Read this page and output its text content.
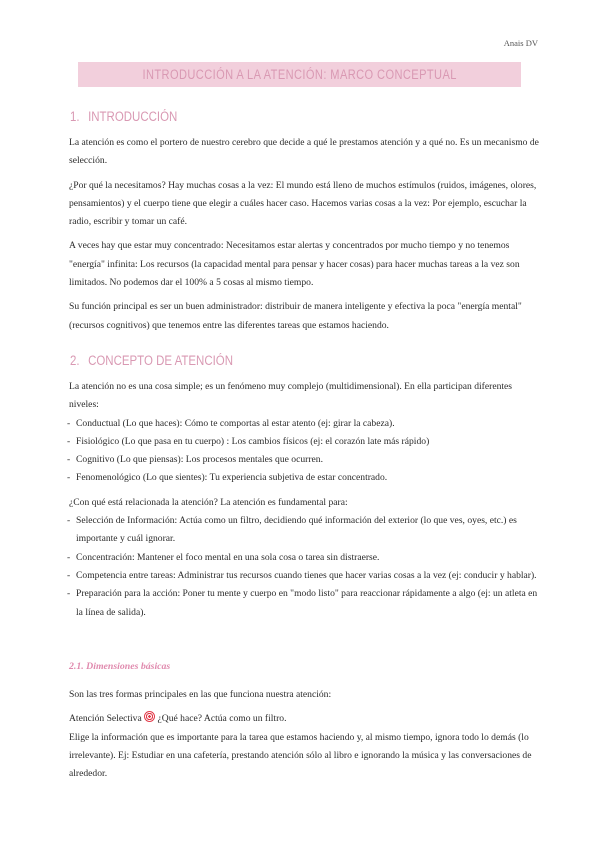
Anais DV
INTRODUCCIÓN A LA ATENCIÓN: MARCO CONCEPTUAL
1. INTRODUCCIÓN

La atención es como el portero de nuestro cerebro que decide a qué le prestamos atención y a qué no. Es un mecanismo de selección.

¿Por qué la necesitamos? Hay muchas cosas a la vez: El mundo está lleno de muchos estímulos (ruidos, imágenes, olores, pensamientos) y el cuerpo tiene que elegir a cuáles hacer caso. Hacemos varias cosas a la vez: Por ejemplo, escuchar la radio, escribir y tomar un café.

A veces hay que estar muy concentrado: Necesitamos estar alertas y concentrados por mucho tiempo y no tenemos "energía" infinita: Los recursos (la capacidad mental para pensar y hacer cosas) para hacer muchas tareas a la vez son limitados. No podemos dar el 100% a 5 cosas al mismo tiempo.

Su función principal es ser un buen administrador: distribuir de manera inteligente y efectiva la poca "energía mental" (recursos cognitivos) que tenemos entre las diferentes tareas que estamos haciendo.

2. CONCEPTO DE ATENCIÓN

La atención no es una cosa simple; es un fenómeno muy complejo (multidimensional). En ella participan diferentes niveles:

- Conductual (Lo que haces): Cómo te comportas al estar atento (ej: girar la cabeza).
- Fisiológico (Lo que pasa en tu cuerpo) : Los cambios físicos (ej: el corazón late más rápido)
- Cognitivo (Lo que piensas): Los procesos mentales que ocurren.
- Fenomenológico (Lo que sientes): Tu experiencia subjetiva de estar concentrado.

¿Con qué está relacionada la atención? La atención es fundamental para:

- Selección de Información: Actúa como un filtro, decidiendo qué información del exterior (lo que ves, oyes, etc.) es importante y cuál ignorar.
- Concentración: Mantener el foco mental en una sola cosa o tarea sin distraerse.
- Competencia entre tareas: Administrar tus recursos cuando tienes que hacer varias cosas a la vez (ej: conducir y hablar).
- Preparación para la acción: Poner tu mente y cuerpo en "modo listo" para reaccionar rápidamente a algo (ej: un atleta en la línea de salida).
2.1. Dimensiones básicas

Son las tres formas principales en las que funciona nuestra atención:

Atención Selectiva ¿Qué hace? Actúa como un filtro.

Elige la información que es importante para la tarea que estamos haciendo y, al mismo tiempo, ignora todo lo demás (lo irrelevante). Ej: Estudiar en una cafetería, prestando atención sólo al libro e ignorando la música y las conversaciones de alrededor.
